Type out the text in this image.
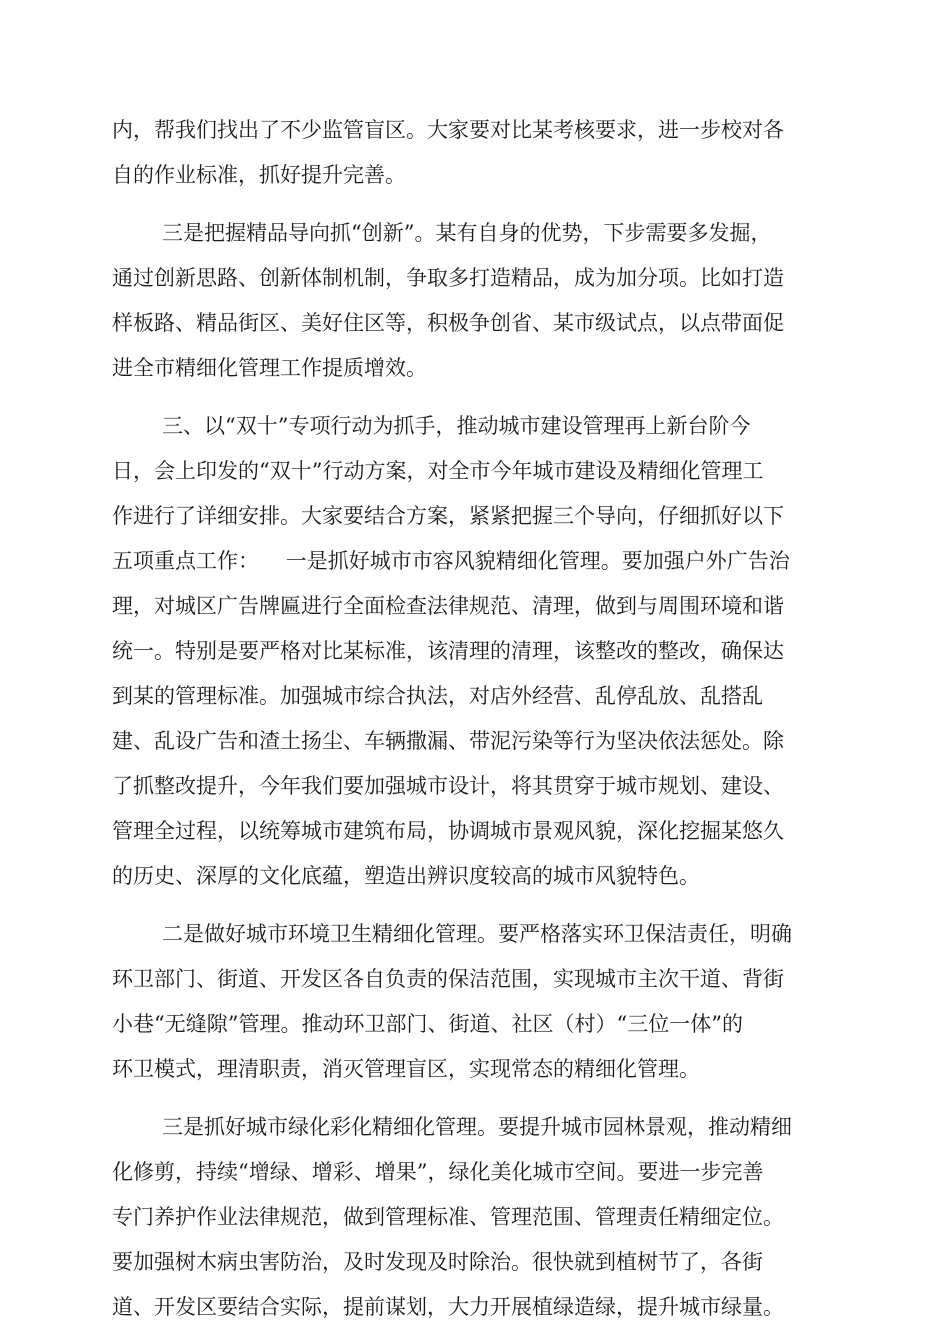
内，帮我们找出了不少监管盲区。大家要对比某考核要求，进一步校对各
自的作业标准，抓好提升完善。
三是把握精品导向抓“创新”。某有自身的优势，下步需要多发掘，
通过创新思路、创新体制机制，争取多打造精品，成为加分项。比如打造
样板路、精品街区、美好住区等，积极争创省、某市级试点，以点带面促
进全市精细化管理工作提质增效。
三、以“双十”专项行动为抓手，推动城市建设管理再上新台阶今
日，会上印发的“双十”行动方案，对全市今年城市建设及精细化管理工
作进行了详细安排。大家要结合方案，紧紧把握三个导向，仔细抓好以下
五项重点工作：    一是抓好城市市容风貌精细化管理。要加强户外广告治
理，对城区广告牌匾进行全面检查法律规范、清理，做到与周围环境和谐
统一。特别是要严格对比某标准，该清理的清理，该整改的整改，确保达
到某的管理标准。加强城市综合执法，对店外经营、乱停乱放、乱搭乱
建、乱设广告和渣土扬尘、车辆撒漏、带泥污染等行为坚决依法惩处。除
了抓整改提升，今年我们要加强城市设计，将其贯穿于城市规划、建设、
管理全过程，以统筹城市建筑布局，协调城市景观风貌，深化挖掘某悠久
的历史、深厚的文化底蕴，塑造出辨识度较高的城市风貌特色。
二是做好城市环境卫生精细化管理。要严格落实环卫保洁责任，明确
环卫部门、街道、开发区各自负责的保洁范围，实现城市主次干道、背街
小巷“无缝隙”管理。推动环卫部门、街道、社区（村）“三位一体”的
环卫模式，理清职责，消灭管理盲区，实现常态的精细化管理。
三是抓好城市绿化彩化精细化管理。要提升城市园林景观，推动精细
化修剪，持续“增绿、增彩、增果”，绿化美化城市空间。要进一步完善
专门养护作业法律规范，做到管理标准、管理范围、管理责任精细定位。
要加强树木病虫害防治，及时发现及时除治。很快就到植树节了，各街
道、开发区要结合实际，提前谋划，大力开展植绿造绿，提升城市绿量。
